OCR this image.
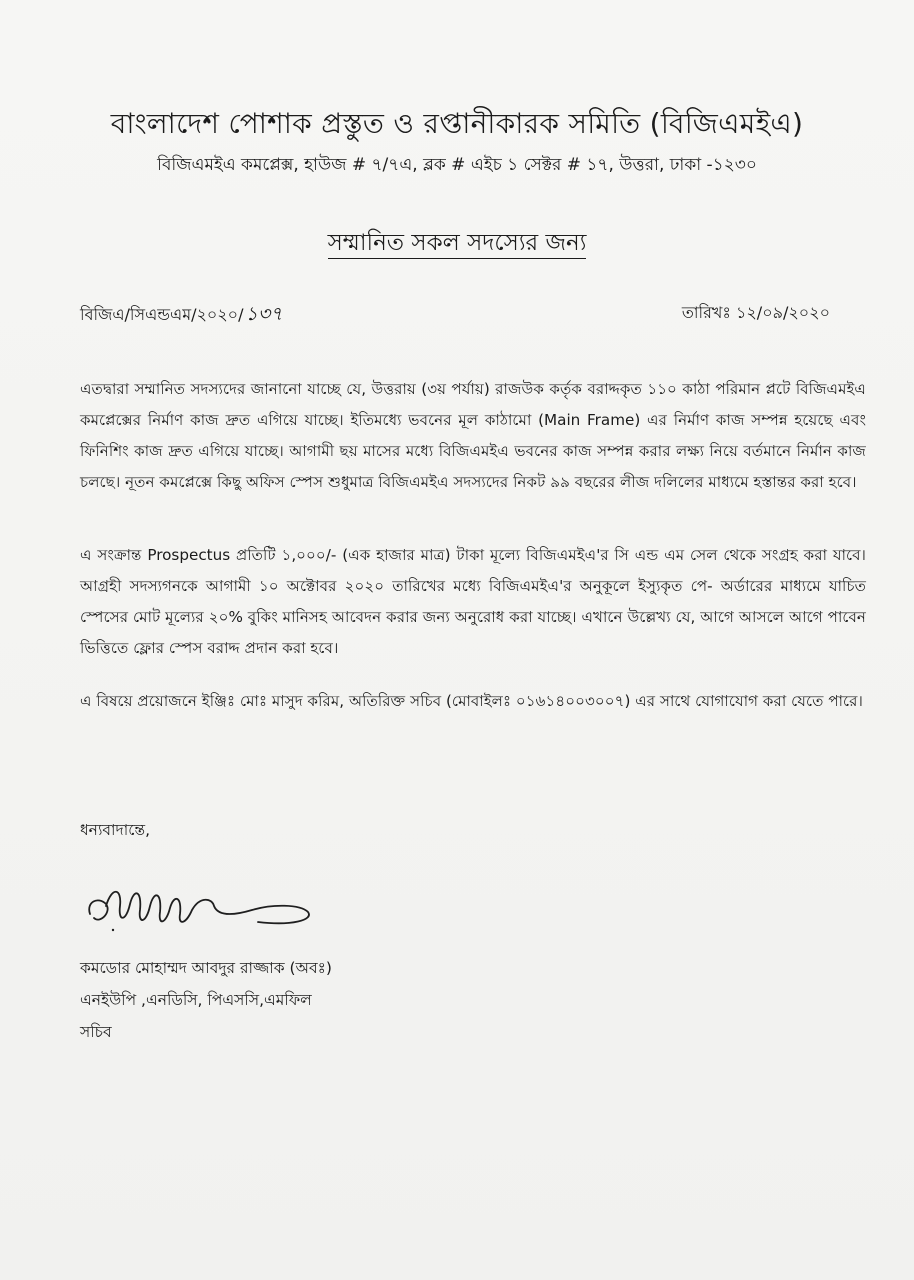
বাংলাদেশ পোশাক প্রস্তুত ও রপ্তানীকারক সমিতি (বিজিএমইএ)
বিজিএমইএ কমপ্লেক্স, হাউজ # ৭/৭এ, ব্লক # এইচ ১ সেক্টর # ১৭, উত্তরা, ঢাকা -১২৩০
সম্মানিত সকল সদস্যের জন্য
বিজিএ/সিএন্ডএম/২০২০/ ১৩৭	তারিখঃ ১২/০৯/২০২০
এতদ্বারা সম্মানিত সদস্যদের জানানো যাচ্ছে যে, উত্তরায় (৩য় পর্যায়) রাজউক কর্তৃক বরাদ্দকৃত ১১০ কাঠা পরিমান প্লটে বিজিএমইএ কমপ্লেক্সের নির্মাণ কাজ দ্রুত এগিয়ে যাচ্ছে। ইতিমধ্যে ভবনের মূল কাঠামো (Main Frame) এর নির্মাণ কাজ সম্পন্ন হয়েছে এবং ফিনিশিং কাজ দ্রুত এগিয়ে যাচ্ছে। আগামী ছয় মাসের মধ্যে বিজিএমইএ ভবনের কাজ সম্পন্ন করার লক্ষ্য নিয়ে বর্তমানে নির্মান কাজ চলছে। নূতন কমপ্লেক্সে কিছু অফিস স্পেস শুধুমাত্র বিজিএমইএ সদস্যদের নিকট ৯৯ বছরের লীজ দলিলের মাধ্যমে হস্তান্তর করা হবে।
এ সংক্রান্ত Prospectus প্রতিটি ১,০০০/- (এক হাজার মাত্র) টাকা মূল্যে বিজিএমইএ'র সি এন্ড এম সেল থেকে সংগ্রহ করা যাবে। আগ্রহী সদস্যগনকে আগামী ১০ অক্টোবর ২০২০ তারিখের মধ্যে বিজিএমইএ'র অনুকূলে ইস্যুকৃত পে- অর্ডারের মাধ্যমে যাচিত স্পেসের মোট মূল্যের ২০% বুকিং মানিসহ আবেদন করার জন্য অনুরোধ করা যাচ্ছে। এখানে উল্লেখ্য যে, আগে আসলে আগে পাবেন ভিত্তিতে ফ্লোর স্পেস বরাদ্দ প্রদান করা হবে।
এ বিষয়ে প্রয়োজনে ইঞ্জিঃ মোঃ মাসুদ করিম, অতিরিক্ত সচিব (মোবাইলঃ ০১৬১৪০০৩০০৭) এর সাথে যোগাযোগ করা যেতে পারে।
ধন্যবাদান্তে,
কমডোর মোহাম্মদ আবদুর রাজ্জাক (অবঃ)
এনইউপি ,এনডিসি, পিএসসি,এমফিল
সচিব
